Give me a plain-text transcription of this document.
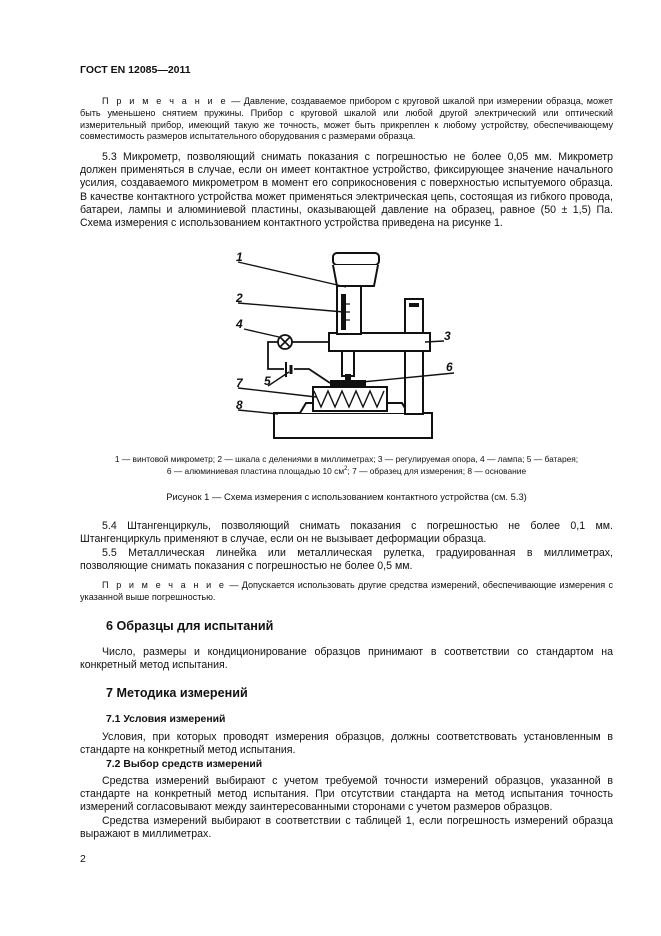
ГОСТ EN 12085—2011

П р и м е ч а н и е — Давление, создаваемое прибором с круговой шкалой при измерении образца, может быть уменьшено снятием пружины. Прибор с круговой шкалой или любой другой электрический или оптический измерительный прибор, имеющий такую же точность, может быть прикреплен к любому устройству, обеспечивающему совместимость размеров испытательного оборудования с размерами образца.

5.3 Микрометр, позволяющий снимать показания с погрешностью не более 0,05 мм. Микрометр должен применяться в случае, если он имеет контактное устройство, фиксирующее значение начального усилия, создаваемого микрометром в момент его соприкосновения с поверхностью испытуемого образца. В качестве контактного устройства может применяться электрическая цепь, состоящая из гибкого провода, батареи, лампы и алюминиевой пластины, оказывающей давление на образец, равное (50 ± 1,5) Па. Схема измерения с использованием контактного устройства приведена на рисунке 1.

1
2
3
4
5
6
7
8

1 — винтовой микрометр; 2 — шкала с делениями в миллиметрах; 3 — регулируемая опора, 4 — лампа; 5 — батарея;
6 — алюминиевая пластина площадью 10 $см^2$; 7 — образец для измерения; 8 — основание

Рисунок 1 — Схема измерения с использованием контактного устройства (см. 5.3)

5.4 Штангенциркуль, позволяющий снимать показания с погрешностью не более 0,1 мм. Штангенциркуль применяют в случае, если он не вызывает деформации образца.

5.5 Металлическая линейка или металлическая рулетка, градуированная в миллиметрах, позволяющие снимать показания с погрешностью не более 0,5 мм.

П р и м е ч а н и е — Допускается использовать другие средства измерений, обеспечивающие измерения с указанной выше погрешностью.

6 Образцы для испытаний

Число, размеры и кондиционирование образцов принимают в соответствии со стандартом на конкретный метод испытания.

7 Методика измерений
7.1 Условия измерений

Условия, при которых проводят измерения образцов, должны соответствовать установленным в стандарте на конкретный метод испытания.

7.2 Выбор средств измерений

Средства измерений выбирают с учетом требуемой точности измерений образцов, указанной в стандарте на конкретный метод испытания. При отсутствии стандарта на метод испытания точность измерений согласовывают между заинтересованными сторонами с учетом размеров образцов.

Средства измерений выбирают в соответствии с таблицей 1, если погрешность измерений образца выражают в миллиметрах.

2
